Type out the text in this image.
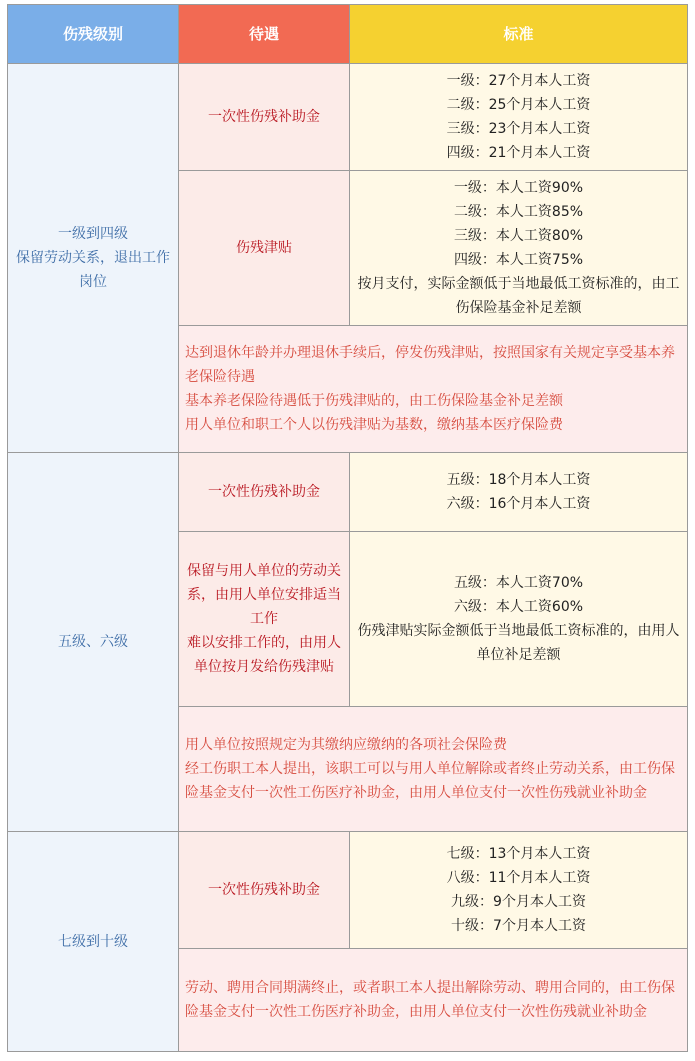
伤残级别	待遇	标准

一级到四级
保留劳动关系，退出工作岗位	一次性伤残补助金	一级：27个月本人工资
二级：25个月本人工资
三级：23个月本人工资
四级：21个月本人工资

	伤残津贴	一级：本人工资90%
二级：本人工资85%
三级：本人工资80%
四级：本人工资75%
按月支付，实际金额低于当地最低工资标准的，由工伤保险基金补足差额

	达到退休年龄并办理退休手续后，停发伤残津贴，按照国家有关规定享受基本养老保险待遇
基本养老保险待遇低于伤残津贴的，由工伤保险基金补足差额
用人单位和职工个人以伤残津贴为基数，缴纳基本医疗保险费	

五级、六级	一次性伤残补助金	五级：18个月本人工资
六级：16个月本人工资

	保留与用人单位的劳动关系，由用人单位安排适当工作
难以安排工作的，由用人单位按月发给伤残津贴	五级：本人工资70%
六级：本人工资60%
伤残津贴实际金额低于当地最低工资标准的，由用人单位补足差额

	用人单位按照规定为其缴纳应缴纳的各项社会保险费
经工伤职工本人提出，该职工可以与用人单位解除或者终止劳动关系，由工伤保险基金支付一次性工伤医疗补助金，由用人单位支付一次性伤残就业补助金	

七级到十级	一次性伤残补助金	七级：13个月本人工资
八级：11个月本人工资
九级：9个月本人工资
十级：7个月本人工资

	劳动、聘用合同期满终止，或者职工本人提出解除劳动、聘用合同的，由工伤保险基金支付一次性工伤医疗补助金，由用人单位支付一次性伤残就业补助金	
